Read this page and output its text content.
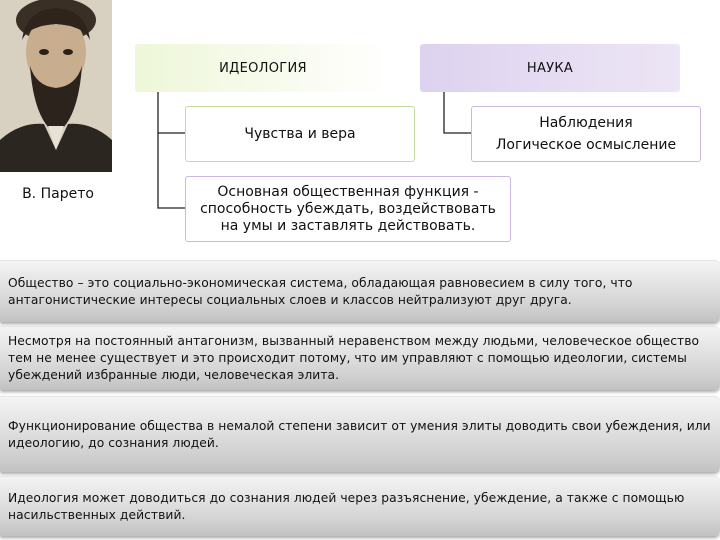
В. Парето
ИДЕОЛОГИЯ	НАУКА
Чувства и вера
Основная общественная функция -
способность убеждать, воздействовать
на умы и заставлять действовать.
Наблюдения
Логическое осмысление
Общество – это социально-экономическая система, обладающая равновесием в силу того, что антагонистические интересы социальных слоев и классов нейтрализуют друг друга.
Несмотря на постоянный антагонизм, вызванный неравенством между людьми, человеческое общество тем не менее существует и это происходит потому, что им управляют с помощью идеологии, системы убеждений избранные люди, человеческая элита.
Функционирование общества в немалой степени зависит от умения элиты доводить свои убеждения, или идеологию, до сознания людей.
Идеология может доводиться до сознания людей через разъяснение, убеждение, а также с помощью насильственных действий.
